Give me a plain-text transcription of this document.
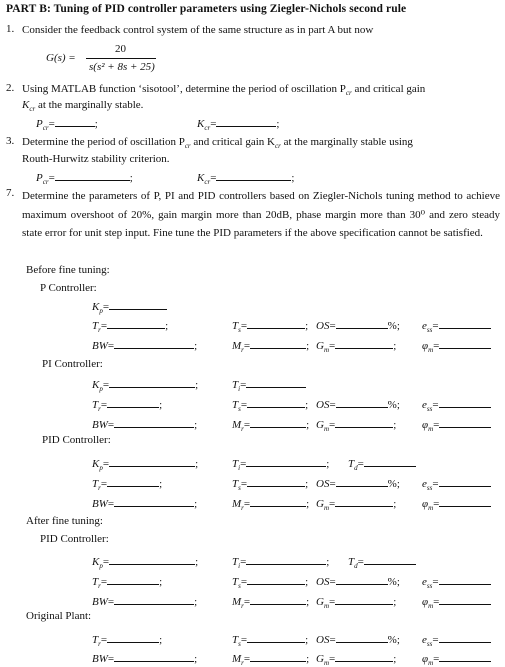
PART B: Tuning of PID controller parameters using Ziegler-Nichols second rule
1. Consider the feedback control system of the same structure as in part A but now
G(s) =
20
s(s² + 8s + 25)
2. Using MATLAB function ‘sisotool’, determine the period of oscillation $P_{cr}$ and critical gain
$K_{cr}$ at the marginally stable.
$P_{cr}=$	;	$K_{cr}=$	;
3. Determine the period of oscillation $P_{cr}$ and critical gain $K_{cr}$ at the marginally stable using
Routh-Hurwitz stability criterion.
$P_{cr}=$	;	$K_{cr}=$	;
7. Determine the parameters of P, PI and PID controllers based on Ziegler-Nichols tuning method to achieve maximum overshoot of 20%, gain margin more than 20dB, phase margin more than 30⁰ and zero steady state error for unit step input. Fine tune the PID parameters if the above specification cannot be satisfied.
Before fine tuning:
P Controller:
PI Controller:
PID Controller:
After fine tuning:
PID Controller:
Original Plant:
$K_p=$
$T_r=$	;	$T_s=$	; OS=	%; $e_{ss}=$
BW=	;	$M_r=$	; $G_m=$	; $\varphi_m=$
$K_p=$	;	$T_i=$
$T_r=$	;	$T_s=$	; OS=	%; $e_{ss}=$
BW=	;	$M_r=$	; $G_m=$	; $\varphi_m=$
$K_p=$	;	$T_i=$	; $T_d=$
$T_r=$	;	$T_s=$	; OS=	%; $e_{ss}=$
BW=	;	$M_r=$	; $G_m=$	; $\varphi_m=$
$K_p=$	;	$T_i=$	; $T_d=$
$T_r=$	;	$T_s=$	; OS=	%; $e_{ss}=$
BW=	;	$M_r=$	; $G_m=$	; $\varphi_m=$
$T_r=$	;	$T_s=$	; OS=	%; $e_{ss}=$
BW=	;	$M_r=$	; $G_m=$	; $\varphi_m=$
